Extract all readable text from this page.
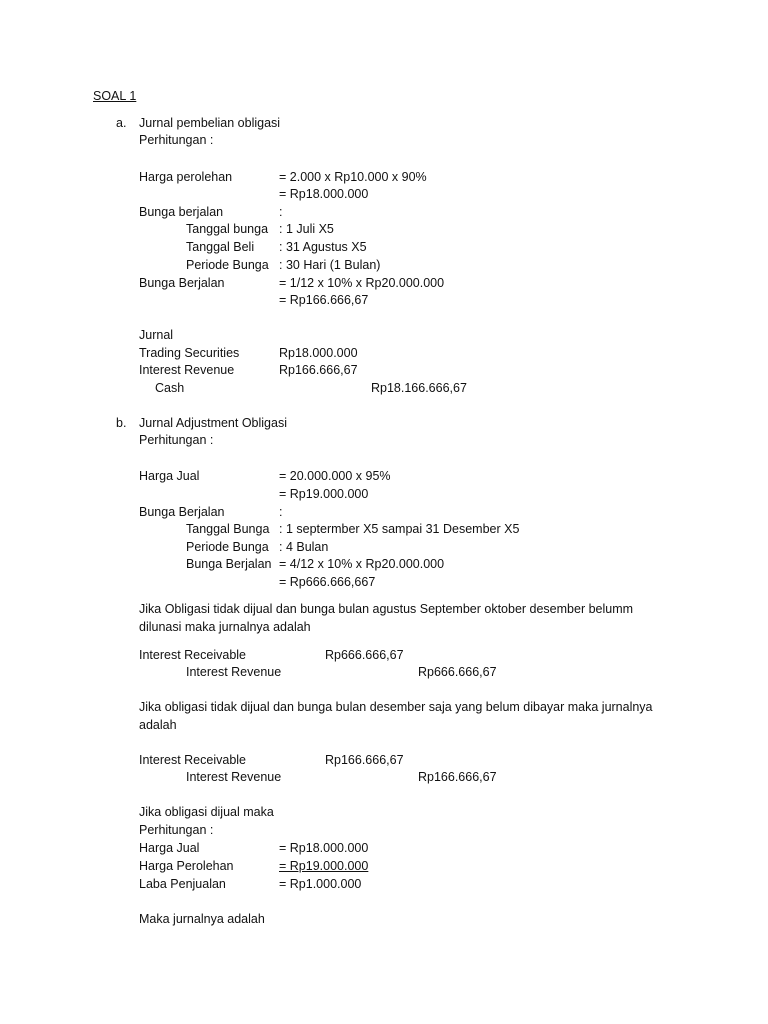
SOAL 1
a. Jurnal pembelian obligasi
Perhitungan :
Harga perolehan	= 2.000 x Rp10.000 x 90%
= Rp18.000.000
Bunga berjalan	:
Tanggal bunga : 1 Juli X5
Tanggal Beli : 31 Agustus X5
Periode Bunga : 30 Hari (1 Bulan)
Bunga Berjalan	= 1/12 x 10% x Rp20.000.000
= Rp166.666,67
Jurnal
Trading Securities	Rp18.000.000
Interest Revenue	Rp166.666,67
Cash	Rp18.166.666,67
b. Jurnal Adjustment Obligasi
Perhitungan :
Harga Jual	= 20.000.000 x 95%
= Rp19.000.000
Bunga Berjalan	:
Tanggal Bunga : 1 septermber X5 sampai 31 Desember X5
Periode Bunga : 4 Bulan
Bunga Berjalan = 4/12 x 10% x Rp20.000.000
= Rp666.666,667
Jika Obligasi tidak dijual dan bunga bulan agustus September oktober desember belumm
dilunasi maka jurnalnya adalah
Interest Receivable	Rp666.666,67
Interest Revenue	Rp666.666,67
Jika obligasi tidak dijual dan bunga bulan desember saja yang belum dibayar maka jurnalnya
adalah
Interest Receivable	Rp166.666,67
Interest Revenue	Rp166.666,67
Jika obligasi dijual maka
Perhitungan :
Harga Jual	= Rp18.000.000
Harga Perolehan	= Rp19.000.000
Laba Penjualan	= Rp1.000.000
Maka jurnalnya adalah
